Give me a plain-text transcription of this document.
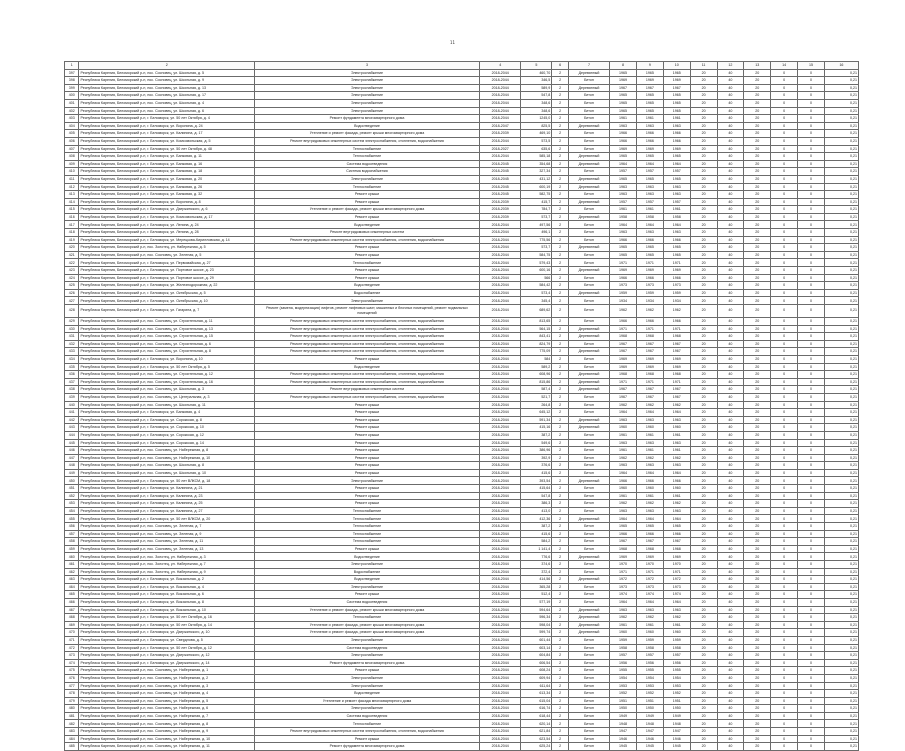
11
1	2	3	4	5	6	7	8	9	10	11	12	13	14	15	16
397	Республика Карелия, Беломорский р-н, пос. Сосновец, ул. Школьная, д. 5	Электроснабжение	2018-2044	460,70	2	Деревянный	1965	1965	1965	20	40	20	0	0	0,21
398	Республика Карелия, Беломорский р-н, пос. Сосновец, ул. Школьная, д. 9	Электроснабжение	2018-2044	346,5	2	Бетон	1969	1969	1969	20	40	20	0	0	0,21
399	Республика Карелия, Беломорский р-н, пос. Сосновец, ул. Школьная, д. 13	Электроснабжение	2018-2044	589,9	2	Деревянный	1967	1967	1967	20	40	20	0	0	0,21
400	Республика Карелия, Беломорский р-н, пос. Сосновец, ул. Школьная, д. 17	Электроснабжение	2018-2044	547,8	2	Бетон	1965	1965	1965	20	40	20	0	0	0,21
401	Республика Карелия, Беломорский р-н, пос. Сосновец, ул. Школьная, д. 4	Электроснабжение	2018-2044	348,6	2	Бетон	1965	1965	1965	20	40	20	0	0	0,21
402	Республика Карелия, Беломорский р-н, пос. Сосновец, ул. Школьная, д. 6	Электроснабжение	2018-2044	348,6	2	Бетон	1965	1965	1965	20	40	20	0	0	0,21
403	Республика Карелия, Беломорский р-н, г. Беломорск, ул. 50 лет Октября, д. 4	Ремонт фундамента многоквартирного дома	2018-2044	1245,0	2	Бетон	1961	1961	1961	20	40	20	0	0	0,21
404	Республика Карелия, Беломорский р-н, г. Беломорск, ул. Воронина, д. 24	Водоотведение	2018-2047	825,5	2	Деревянный	1963	1963	1963	20	40	20	0	0	0,21
405	Республика Карелия, Беломорский р-н, г. Беломорск, ул. Калинина, д. 17	Утепление и ремонт фасада, ремонт крыши многоквартирного дома	2018-2039	469,10	2	Бетон	1966	1966	1966	20	40	20	0	0	0,21
406	Республика Карелия, Беломорский р-н, г. Беломорск, ул. Комсомольская, д. 5	Ремонт внутридомовых инженерных систем электроснабжения, отопления, водоснабжения	2018-2044	573,5	2	Бетон	1966	1966	1966	20	40	20	0	0	0,21
407	Республика Карелия, Беломорский р-н, г. Беломорск, ул. 50 лет Октября, д. 48	Теплоснабжение	2018-2027	635,6	2	Бетон	1969	1969	1969	20	40	20	0	0	0,21
408	Республика Карелия, Беломорский р-н, г. Беломорск, ул. Банковая, д. 11	Теплоснабжение	2018-2044	585,18	2	Деревянный	1965	1965	1965	20	40	20	0	0	0,21
409	Республика Карелия, Беломорский р-н, г. Беломорск, ул. Банковая, д. 16	Система водоотведения	2018-2045	354,68	2	Деревянный	1964	1964	1964	20	40	20	0	0	0,21
410	Республика Карелия, Беломорский р-н, г. Беломорск, ул. Банковая, д. 18	Система водоснабжения	2018-2045	327,34	2	Бетон	1957	1957	1957	20	40	20	0	0	0,21
411	Республика Карелия, Беломорский р-н, г. Беломорск, ул. Банковая, д. 20	Электроснабжение	2018-2045	431,12	2	Деревянный	1965	1965	1965	20	40	20	0	0	0,21
412	Республика Карелия, Беломорский р-н, г. Беломорск, ул. Банковая, д. 26	Теплоснабжение	2018-2045	600,19	2	Деревянный	1963	1963	1963	20	40	20	0	0	0,21
413	Республика Карелия, Беломорский р-н, г. Беломорск, ул. Банковая, д. 32	Ремонт крыши	2018-2045	582,75	2	Бетон	1963	1963	1963	20	40	20	0	0	0,21
414	Республика Карелия, Беломорский р-н, г. Беломорск, ул. Воронина, д. 8	Ремонт крыши	2018-2039	415,7	2	Деревянный	1957	1957	1957	20	40	20	0	0	0,21
415	Республика Карелия, Беломорский р-н, г. Беломорск, ул. Дзержинского, д. 6	Утепление и ремонт фасада, ремонт крыши многоквартирного дома	2018-2039	784,7	2	Бетон	1961	1961	1961	20	40	20	0	0	0,21
416	Республика Карелия, Беломорский р-н, г. Беломорск, ул. Комсомольская, д. 17	Ремонт крыши	2018-2039	573,7	2	Деревянный	1958	1958	1958	20	40	20	0	0	0,21
417	Республика Карелия, Беломорский р-н, г. Беломорск, ул. Ленина, д. 24	Водоотведение	2018-2044	497,56	2	Бетон	1964	1964	1964	20	40	20	0	0	0,21
418	Республика Карелия, Беломорский р-н, г. Беломорск, ул. Ленина, д. 28	Ремонт внутридомовых инженерных систем	2018-2044	496,1	2	Бетон	1963	1963	1963	20	40	20	0	0	0,21
419	Республика Карелия, Беломорский р-н, г. Беломорск, ул. Мерецкова-Кирилловская, д. 14	Ремонт внутридомовых инженерных систем электроснабжения, отопления, водоснабжения	2018-2044	775,56	2	Бетон	1966	1966	1966	20	40	20	0	0	0,21
420	Республика Карелия, Беломорский р-н, пос. Золотец, ул. Набережная, д. 5	Ремонт крыши	2018-2044	573,7	2	Деревянный	1965	1965	1965	20	40	20	0	0	0,21
421	Республика Карелия, Беломорский р-н, пос. Сосновец, ул. Зеленая, д. 5	Ремонт крыши	2018-2044	584,75	2	Бетон	1965	1965	1965	20	40	20	0	0	0,21
422	Республика Карелия, Беломорский р-н, г. Беломорск, ул. Первомайская, д. 27	Теплоснабжение	2018-2044	579,43	2	Бетон	1971	1971	1971	20	40	20	0	0	0,21
423	Республика Карелия, Беломорский р-н, г. Беломорск, ул. Портовое шоссе, д. 23	Ремонт крыши	2018-2044	600,16	2	Деревянный	1969	1969	1969	20	40	20	0	0	0,21
424	Республика Карелия, Беломорский р-н, г. Беломорск, ул. Портовое шоссе, д. 29	Ремонт крыши	2018-2044	566	2	Бетон	1966	1966	1966	20	40	20	0	0	0,21
425	Республика Карелия, Беломорский р-н, г. Беломорск, ул. Железнодорожная, д. 22	Водоотведение	2018-2044	584,42	2	Бетон	1973	1973	1973	20	40	20	0	0	0,21
426	Республика Карелия, Беломорский р-н, г. Беломорск, ул. Октябрьская, д. 5	Водоснабжение	2018-2044	573,4	2	Деревянный	1959	1959	1959	20	40	20	0	0	0,21
427	Республика Карелия, Беломорский р-н, г. Беломорск, ул. Октябрьская, д. 10	Электроснабжение	2018-2044	345,4	2	Бетон	1934	1934	1934	20	40	20	0	0	0,21
428	Республика Карелия, Беломорский р-н, г. Беломорск, ул. Гагарина, д. 7	Ремонт (замена, модернизация) лифтов, ремонт лифтовых шахт, машинных и блочных помещений, ремонт подвальных помещений	2018-2044	689,62	2	Бетон	1962	1962	1962	20	40	20	0	0	0,21
429	Республика Карелия, Беломорский р-н, пос. Сосновец, ул. Строительная, д. 11	Ремонт внутридомовых инженерных систем электроснабжения, отопления, водоснабжения	2018-2044	813,65	2	Бетон	1966	1966	1966	20	40	20	0	0	0,21
430	Республика Карелия, Беломорский р-н, пос. Сосновец, ул. Строительная, д. 13	Ремонт внутридомовых инженерных систем электроснабжения, отопления, водоснабжения	2018-2044	564,15	2	Деревянный	1971	1971	1971	20	40	20	0	0	0,21
431	Республика Карелия, Беломорский р-н, пос. Сосновец, ул. Строительная, д. 15	Ремонт внутридомовых инженерных систем электроснабжения, отопления, водоснабжения	2018-2044	843,41	2	Деревянный	1968	1968	1968	20	40	20	0	0	0,21
432	Республика Карелия, Беломорский р-н, пос. Сосновец, ул. Строительная, д. 6	Ремонт внутридомовых инженерных систем электроснабжения, отопления, водоснабжения	2018-2044	824,79	2	Бетон	1967	1967	1967	20	40	20	0	0	0,21
433	Республика Карелия, Беломорский р-н, пос. Сосновец, ул. Строительная, д. 8	Ремонт внутридомовых инженерных систем электроснабжения, отопления, водоснабжения	2018-2044	775,09	2	Деревянный	1967	1967	1967	20	40	20	0	0	0,21
434	Республика Карелия, Беломорский р-н, г. Беломорск, ул. Воронина, д. 10	Ремонт крыши	2018-2044	584	2	Бетон	1969	1969	1969	20	40	20	0	0	0,21
435	Республика Карелия, Беломорский р-н, г. Беломорск, ул. 50 лет Октября, д. 5	Водоотведение	2018-2044	589,2	2	Бетон	1969	1969	1969	20	40	20	0	0	0,21
436	Республика Карелия, Беломорский р-н, пос. Сосновец, ул. Строительная, д. 12	Ремонт внутридомовых инженерных систем электроснабжения, отопления, водоснабжения	2018-2044	608,96	2	Деревянный	1968	1968	1968	20	40	20	0	0	0,21
437	Республика Карелия, Беломорский р-н, пос. Сосновец, ул. Строительная, д. 16	Ремонт внутридомовых инженерных систем электроснабжения, отопления, водоснабжения	2018-2044	815,86	2	Деревянный	1971	1971	1971	20	40	20	0	0	0,21
438	Республика Карелия, Беломорский р-н, пос. Сосновец, ул. Школьная, д. 3	Ремонт внутридомовых инженерных систем	2018-2044	587,4	2	Деревянный	1967	1967	1967	20	40	20	0	0	0,21
439	Республика Карелия, Беломорский р-н, пос. Сосновец, ул. Центральная, д. 3	Ремонт внутридомовых инженерных систем электроснабжения, отопления, водоснабжения	2018-2044	521,7	2	Бетон	1967	1967	1967	20	40	20	0	0	0,21
440	Республика Карелия, Беломорский р-н, пос. Сосновец, ул. Школьная, д. 11	Ремонт крыши	2018-2044	264,8	2	Бетон	1962	1962	1962	20	40	20	0	0	0,21
441	Республика Карелия, Беломорский р-н, г. Беломорск, ул. Банковая, д. 4	Ремонт крыши	2018-2044	645,12	2	Бетон	1964	1964	1964	20	40	20	0	0	0,21
442	Республика Карелия, Беломорский р-н, г. Беломорск, ул. Сорокская, д. 8	Ремонт крыши	2018-2044	591,34	2	Деревянный	1963	1963	1963	20	40	20	0	0	0,21
443	Республика Карелия, Беломорский р-н, г. Беломорск, ул. Сорокская, д. 10	Ремонт крыши	2018-2044	415,16	2	Деревянный	1960	1960	1960	20	40	20	0	0	0,21
444	Республика Карелия, Беломорский р-н, г. Беломорск, ул. Сорокская, д. 12	Ремонт крыши	2018-2044	387,2	2	Бетон	1961	1961	1961	20	40	20	0	0	0,21
445	Республика Карелия, Беломорский р-н, г. Беломорск, ул. Сорокская, д. 14	Ремонт крыши	2018-2044	549,6	2	Бетон	1963	1963	1963	20	40	20	0	0	0,21
446	Республика Карелия, Беломорский р-н, пос. Сосновец, ул. Набережная, д. 8	Ремонт крыши	2018-2044	386,96	2	Бетон	1961	1961	1961	20	40	20	0	0	0,21
447	Республика Карелия, Беломорский р-н, пос. Сосновец, ул. Набережная, д. 10	Ремонт крыши	2018-2044	392,9	2	Бетон	1962	1962	1962	20	40	20	0	0	0,21
448	Республика Карелия, Беломорский р-н, пос. Сосновец, ул. Школьная, д. 8	Ремонт крыши	2018-2044	376,6	2	Бетон	1963	1963	1963	20	40	20	0	0	0,21
449	Республика Карелия, Беломорский р-н, пос. Сосновец, ул. Школьная, д. 10	Ремонт крыши	2018-2044	415,6	2	Бетон	1964	1964	1964	20	40	20	0	0	0,21
450	Республика Карелия, Беломорский р-н, г. Беломорск, ул. 50 лет ВЛКСМ, д. 18	Электроснабжение	2018-2044	393,54	2	Деревянный	1966	1966	1966	20	40	20	0	0	0,21
451	Республика Карелия, Беломорский р-н, г. Беломорск, ул. Калинина, д. 21	Ремонт крыши	2018-2044	415,64	2	Бетон	1960	1960	1960	20	40	20	0	0	0,21
452	Республика Карелия, Беломорский р-н, г. Беломорск, ул. Калинина, д. 23	Ремонт крыши	2018-2044	547,8	2	Бетон	1961	1961	1961	20	40	20	0	0	0,21
453	Республика Карелия, Беломорский р-н, г. Беломорск, ул. Калинина, д. 25	Ремонт крыши	2018-2044	386,3	2	Бетон	1962	1962	1962	20	40	20	0	0	0,21
454	Республика Карелия, Беломорский р-н, г. Беломорск, ул. Калинина, д. 27	Теплоснабжение	2018-2044	413,0	2	Бетон	1963	1963	1963	20	40	20	0	0	0,21
455	Республика Карелия, Беломорский р-н, г. Беломорск, ул. 50 лет ВЛКСМ, д. 20	Теплоснабжение	2018-2044	412,36	2	Деревянный	1964	1964	1964	20	40	20	0	0	0,21
456	Республика Карелия, Беломорский р-н, пос. Сосновец, ул. Зеленая, д. 7	Теплоснабжение	2018-2044	387,2	2	Бетон	1965	1965	1965	20	40	20	0	0	0,21
457	Республика Карелия, Беломорский р-н, пос. Сосновец, ул. Зеленая, д. 9	Теплоснабжение	2018-2044	415,6	2	Бетон	1966	1966	1966	20	40	20	0	0	0,21
458	Республика Карелия, Беломорский р-н, пос. Сосновец, ул. Зеленая, д. 11	Теплоснабжение	2018-2044	584,2	2	Бетон	1967	1967	1967	20	40	20	0	0	0,21
459	Республика Карелия, Беломорский р-н, пос. Сосновец, ул. Зеленая, д. 13	Ремонт крыши	2018-2044	1 141,4	2	Бетон	1968	1968	1968	20	40	20	0	0	0,21
460	Республика Карелия, Беломорский р-н, пос. Золотец, ул. Набережная, д. 3	Водоотведение	2018-2044	776,6	2	Деревянный	1969	1969	1969	20	40	20	0	0	0,21
461	Республика Карелия, Беломорский р-н, пос. Золотец, ул. Набережная, д. 7	Электроснабжение	2018-2044	374,6	2	Бетон	1970	1970	1970	20	40	20	0	0	0,21
462	Республика Карелия, Беломорский р-н, пос. Золотец, ул. Набережная, д. 9	Водоснабжение	2018-2044	372,4	2	Бетон	1971	1971	1971	20	40	20	0	0	0,21
463	Республика Карелия, Беломорский р-н, г. Беломорск, ул. Вокзальная, д. 2	Водоотведение	2018-2044	414,56	2	Деревянный	1972	1972	1972	20	40	20	0	0	0,21
464	Республика Карелия, Беломорский р-н, г. Беломорск, ул. Вокзальная, д. 4	Электроснабжение	2018-2044	365,28	2	Бетон	1973	1973	1973	20	40	20	0	0	0,21
465	Республика Карелия, Беломорский р-н, г. Беломорск, ул. Вокзальная, д. 6	Ремонт крыши	2018-2044	512,4	2	Бетон	1974	1974	1974	20	40	20	0	0	0,21
466	Республика Карелия, Беломорский р-н, г. Беломорск, ул. Вокзальная, д. 8	Система водоотведения	2018-2044	577,19	2	Бетон	1964	1964	1964	20	40	20	0	0	0,21
467	Республика Карелия, Беломорский р-н, г. Беломорск, ул. Вокзальная, д. 10	Утепление и ремонт фасада, ремонт крыши многоквартирного дома	2018-2044	594,64	2	Деревянный	1963	1963	1963	20	40	20	0	0	0,21
468	Республика Карелия, Беломорский р-н, г. Беломорск, ул. 50 лет Октября, д. 16	Теплоснабжение	2018-2044	596,34	2	Деревянный	1962	1962	1962	20	40	20	0	0	0,21
469	Республика Карелия, Беломорский р-н, г. Беломорск, ул. 50 лет Октября, д. 14	Утепление и ремонт фасада, ремонт крыши многоквартирного дома	2018-2044	598,04	2	Деревянный	1961	1961	1961	20	40	20	0	0	0,21
470	Республика Карелия, Беломорский р-н, г. Беломорск, ул. Дзержинского, д. 10	Утепление и ремонт фасада, ремонт крыши многоквартирного дома	2018-2044	599,74	2	Деревянный	1960	1960	1960	20	40	20	0	0	0,21
471	Республика Карелия, Беломорский р-н, г. Беломорск, ул. Свердлова, д. 5	Электроснабжение	2018-2044	601,44	2	Бетон	1959	1959	1959	20	40	20	0	0	0,21
472	Республика Карелия, Беломорский р-н, г. Беломорск, ул. 50 лет Октября, д. 12	Система водоотведения	2018-2044	603,14	2	Бетон	1958	1958	1958	20	40	20	0	0	0,21
473	Республика Карелия, Беломорский р-н, г. Беломорск, ул. Дзержинского, д. 12	Электроснабжение	2018-2044	604,84	2	Бетон	1957	1957	1957	20	40	20	0	0	0,21
474	Республика Карелия, Беломорский р-н, г. Беломорск, ул. Дзержинского, д. 14	Ремонт фундамента многоквартирного дома	2018-2044	606,54	2	Бетон	1956	1956	1956	20	40	20	0	0	0,21
475	Республика Карелия, Беломорский р-н, пос. Сосновец, ул. Набережная, д. 1	Ремонт крыши	2018-2044	608,24	2	Бетон	1955	1955	1955	20	40	20	0	0	0,21
476	Республика Карелия, Беломорский р-н, пос. Сосновец, ул. Набережная, д. 2	Электроснабжение	2018-2044	609,94	2	Бетон	1954	1954	1954	20	40	20	0	0	0,21
477	Республика Карелия, Беломорский р-н, пос. Сосновец, ул. Набережная, д. 3	Электроснабжение	2018-2044	611,64	2	Бетон	1953	1953	1953	20	40	20	0	0	0,21
478	Республика Карелия, Беломорский р-н, пос. Сосновец, ул. Набережная, д. 4	Водоотведение	2018-2044	613,34	2	Бетон	1952	1952	1952	20	40	20	0	0	0,21
479	Республика Карелия, Беломорский р-н, пос. Сосновец, ул. Набережная, д. 5	Утепление и ремонт фасада многоквартирного дома	2018-2044	615,04	2	Бетон	1951	1951	1951	20	40	20	0	0	0,21
480	Республика Карелия, Беломорский р-н, пос. Сосновец, ул. Набережная, д. 6	Электроснабжение	2018-2044	616,74	2	Бетон	1950	1950	1950	20	40	20	0	0	0,21
481	Республика Карелия, Беломорский р-н, пос. Сосновец, ул. Набережная, д. 7	Система водоотведения	2018-2044	618,44	2	Бетон	1949	1949	1949	20	40	20	0	0	0,21
482	Республика Карелия, Беломорский р-н, пос. Сосновец, ул. Набережная, д. 8	Теплоснабжение	2018-2044	620,14	2	Бетон	1948	1948	1948	20	40	20	0	0	0,21
483	Республика Карелия, Беломорский р-н, пос. Сосновец, ул. Набережная, д. 9	Ремонт внутридомовых инженерных систем электроснабжения, отопления, водоснабжения	2018-2044	621,84	2	Бетон	1947	1947	1947	20	40	20	0	0	0,21
484	Республика Карелия, Беломорский р-н, пос. Сосновец, ул. Набережная, д. 10	Ремонт крыши	2018-2044	623,54	2	Бетон	1946	1946	1946	20	40	20	0	0	0,21
485	Республика Карелия, Беломорский р-н, пос. Сосновец, ул. Набережная, д. 11	Ремонт фундамента многоквартирного дома	2018-2044	625,24	2	Бетон	1945	1945	1945	20	40	20	0	0	0,21
